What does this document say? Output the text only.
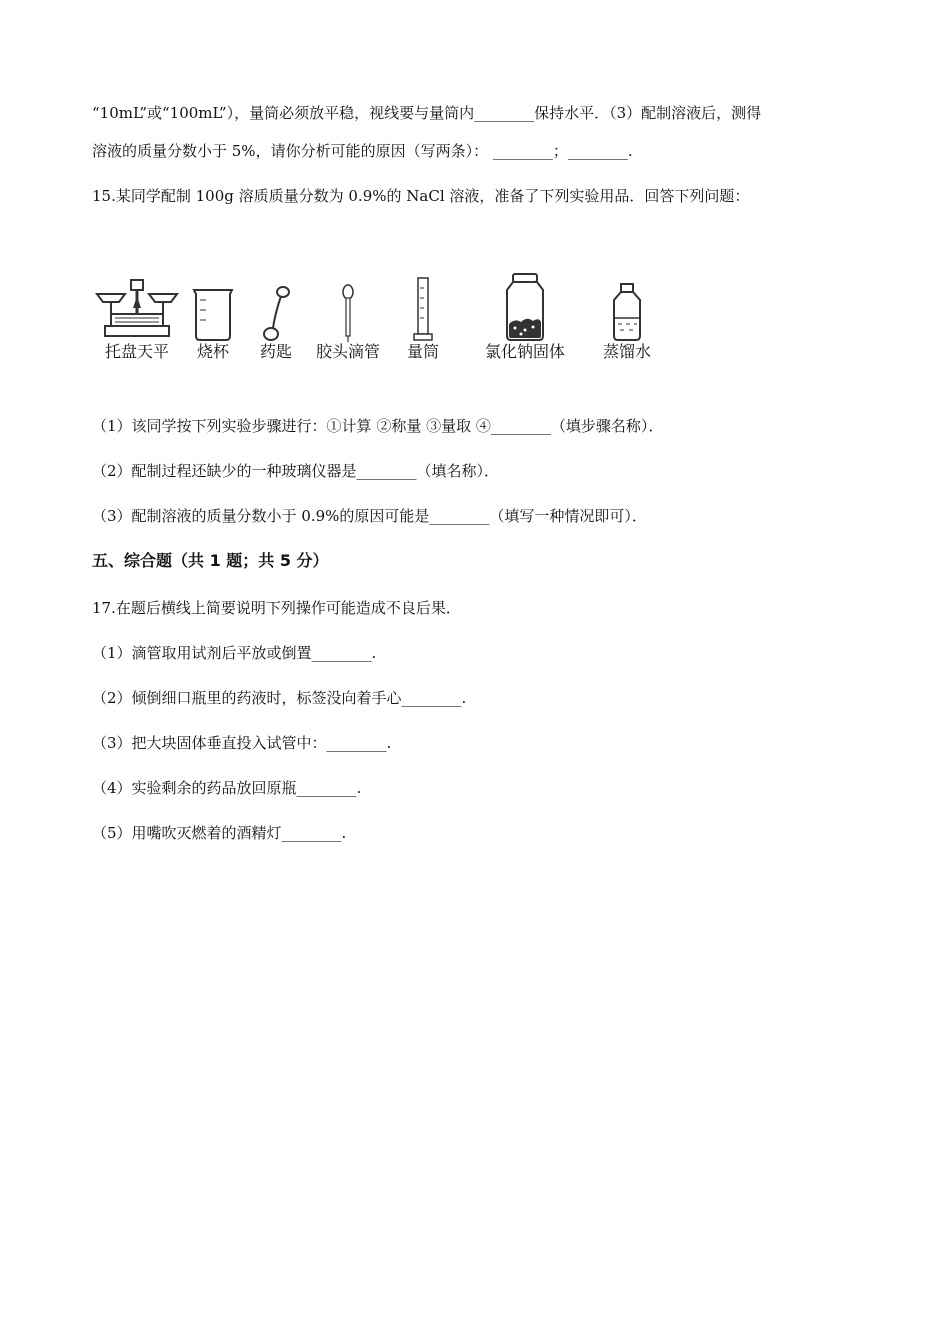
“10mL”或“100mL”），量筒必须放平稳，视线要与量筒内________保持水平．（3）配制溶液后，测得
溶液的质量分数小于 5%，请你分析可能的原因（写两条）： ________；________.
15.某同学配制 100g 溶质质量分数为 0.9%的 NaCl 溶液，准备了下列实验用品．回答下列问题：
托盘天平	烧杯	药匙 胶头滴管	量筒	氯化钠固体	蒸馏水
（1）该同学按下列实验步骤进行：①计算 ②称量 ③量取 ④________（填步骤名称）．
（2）配制过程还缺少的一种玻璃仪器是________（填名称）．
（3）配制溶液的质量分数小于 0.9%的原因可能是________（填写一种情况即可）．
五、综合题（共 1 题；共 5 分）
17.在题后横线上简要说明下列操作可能造成不良后果．
（1）滴管取用试剂后平放或倒置________.
（2）倾倒细口瓶里的药液时，标签没向着手心________.
（3）把大块固体垂直投入试管中：________.
（4）实验剩余的药品放回原瓶________.
（5）用嘴吹灭燃着的酒精灯________.
